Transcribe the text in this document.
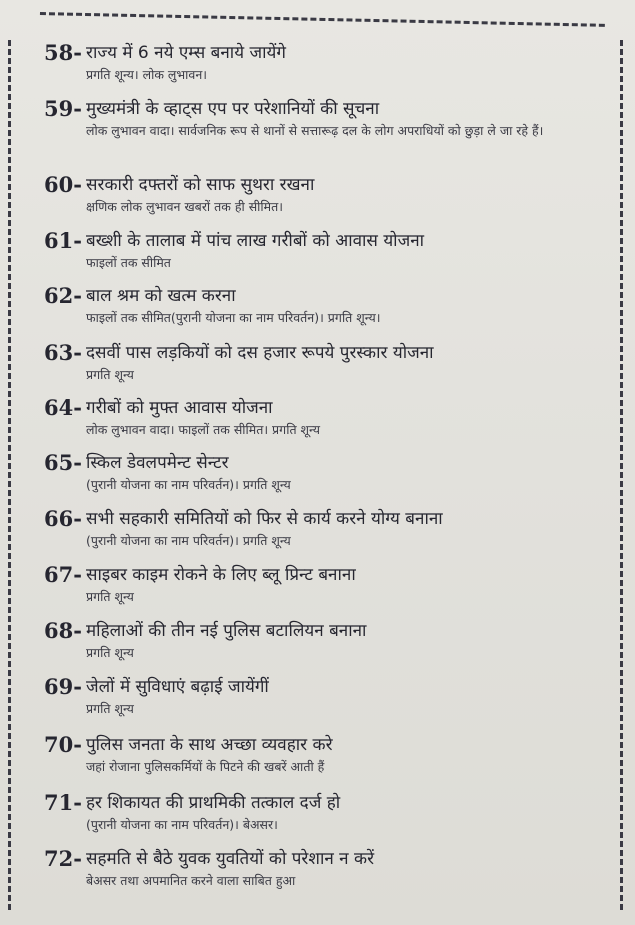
58- राज्य में 6 नये एम्स बनाये जायेंगे
प्रगति शून्य। लोक लुभावन।
59- मुख्यमंत्री के व्हाट्स एप पर परेशानियों की सूचना
लोक लुभावन वादा। सार्वजनिक रूप से थानों से सत्तारूढ़ दल के लोग अपराधियों को छुड़ा ले जा रहे हैं।
60- सरकारी दफ्तरों को साफ सुथरा रखना
क्षणिक लोक लुभावन खबरों तक ही सीमित।
61- बख्शी के तालाब में पांच लाख गरीबों को आवास योजना
फाइलों तक सीमित
62- बाल श्रम को खत्म करना
फाइलों तक सीमित(पुरानी योजना का नाम परिवर्तन)। प्रगति शून्य।
63- दसवीं पास लड़कियों को दस हजार रूपये पुरस्कार योजना
प्रगति शून्य
64- गरीबों को मुफ्त आवास योजना
लोक लुभावन वादा। फाइलों तक सीमित। प्रगति शून्य
65- स्किल डेवलपमेन्ट सेन्टर
(पुरानी योजना का नाम परिवर्तन)। प्रगति शून्य
66- सभी सहकारी समितियों को फिर से कार्य करने योग्य बनाना
(पुरानी योजना का नाम परिवर्तन)। प्रगति शून्य
67- साइबर काइम रोकने के लिए ब्लू प्रिन्ट बनाना
प्रगति शून्य
68- महिलाओं की तीन नई पुलिस बटालियन बनाना
प्रगति शून्य
69- जेलों में सुविधाएं बढ़ाई जायेंगीं
प्रगति शून्य
70- पुलिस जनता के साथ अच्छा व्यवहार करे
जहां रोजाना पुलिसकर्मियों के पिटने की खबरें आती हैं
71- हर शिकायत की प्राथमिकी तत्काल दर्ज हो
(पुरानी योजना का नाम परिवर्तन)। बेअसर।
72- सहमति से बैठे युवक युवतियों को परेशान न करें
बेअसर तथा अपमानित करने वाला साबित हुआ
